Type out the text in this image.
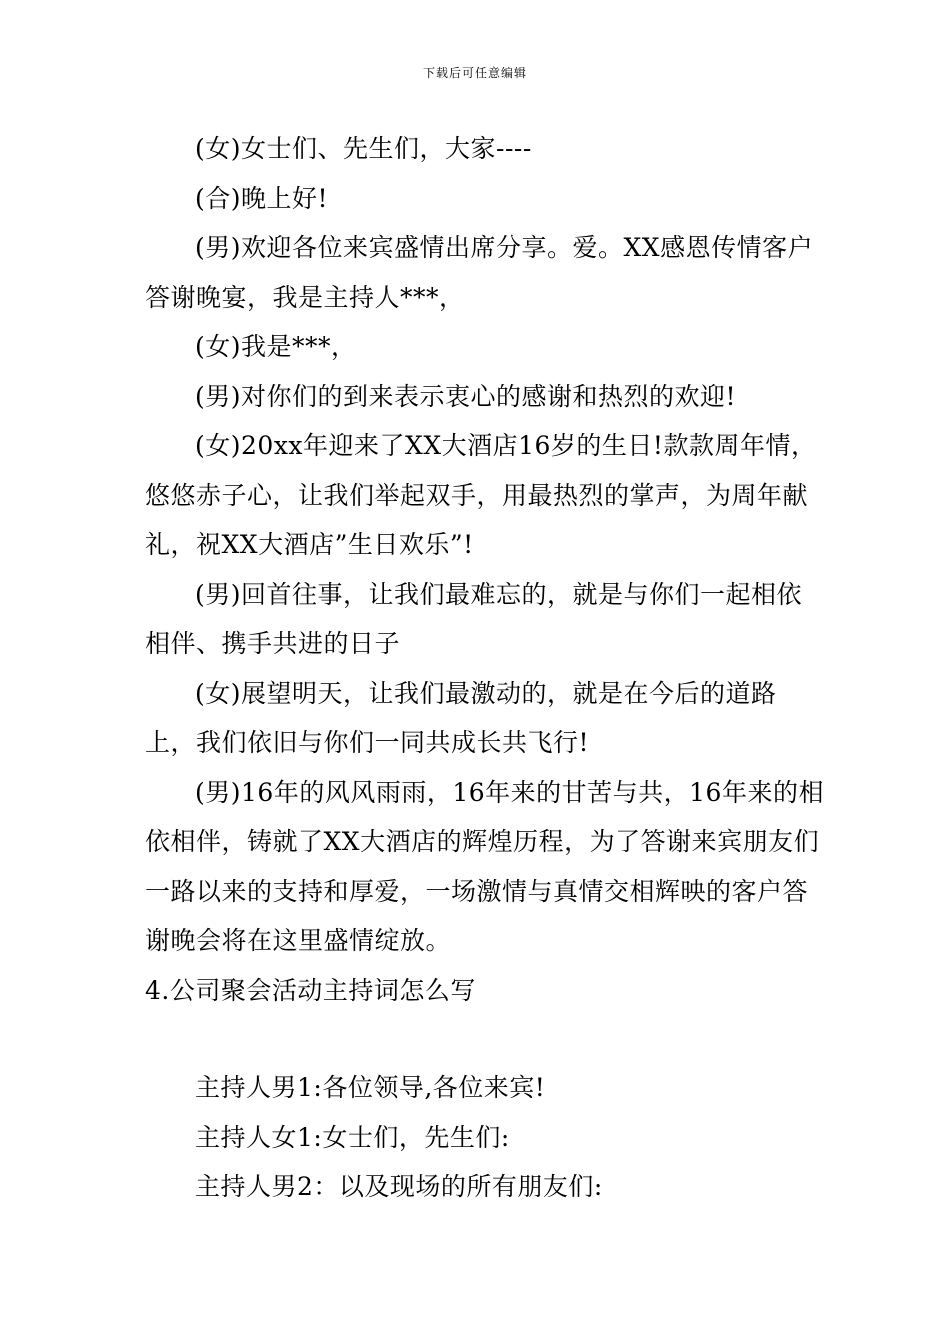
下载后可任意编辑

(女)女士们、先生们，大家----

(合)晚上好!

(男)欢迎各位来宾盛情出席分享。爱。XX感恩传情客户答谢晚宴，我是主持人***，

(女)我是***，

(男)对你们的到来表示衷心的感谢和热烈的欢迎!

(女)20xx年迎来了XX大酒店16岁的生日!款款周年情，悠悠赤子心，让我们举起双手，用最热烈的掌声，为周年献礼，祝XX大酒店”生日欢乐”!

(男)回首往事，让我们最难忘的，就是与你们一起相依相伴、携手共进的日子

(女)展望明天，让我们最激动的，就是在今后的道路上，我们依旧与你们一同共成长共飞行!

(男)16年的风风雨雨，16年来的甘苦与共，16年来的相依相伴，铸就了XX大酒店的辉煌历程，为了答谢来宾朋友们一路以来的支持和厚爱，一场激情与真情交相辉映的客户答谢晚会将在这里盛情绽放。

4.公司聚会活动主持词怎么写

主持人男1:各位领导,各位来宾!

主持人女1:女士们，先生们:

主持人男2：以及现场的所有朋友们:
